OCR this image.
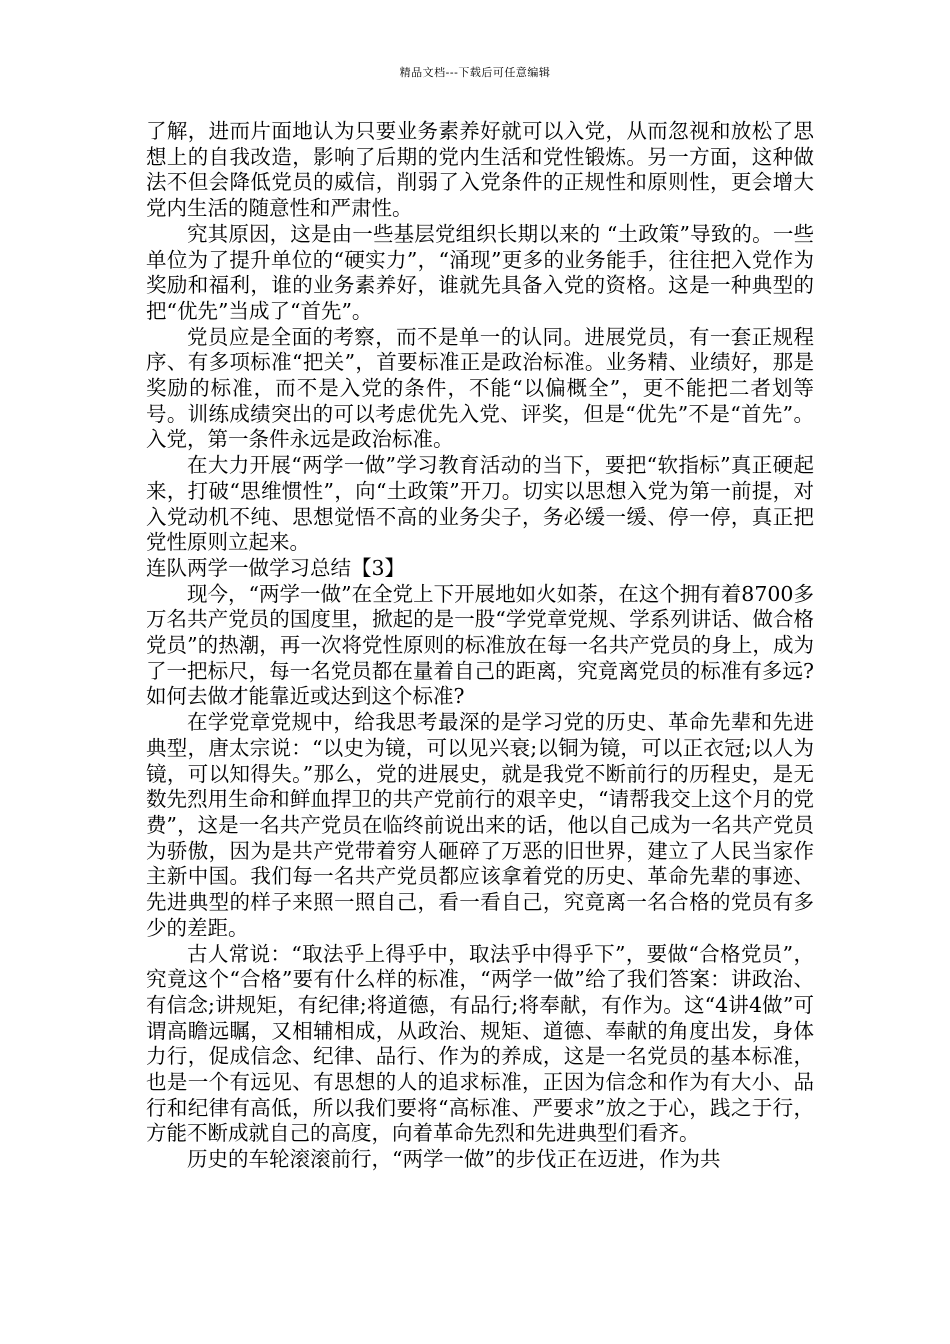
精品文档---下载后可任意编辑

了解，进而片面地认为只要业务素养好就可以入党，从而忽视和放松了思想上的自我改造，影响了后期的党内生活和党性锻炼。另一方面，这种做法不但会降低党员的威信，削弱了入党条件的正规性和原则性，更会增大党内生活的随意性和严肃性。

究其原因，这是由一些基层党组织长期以来的 “土政策”导致的。一些单位为了提升单位的“硬实力”，“涌现”更多的业务能手，往往把入党作为奖励和福利，谁的业务素养好，谁就先具备入党的资格。这是一种典型的把“优先”当成了“首先”。

党员应是全面的考察，而不是单一的认同。进展党员，有一套正规程序、有多项标准“把关”，首要标准正是政治标准。业务精、业绩好，那是奖励的标准，而不是入党的条件，不能“以偏概全”，更不能把二者划等号。训练成绩突出的可以考虑优先入党、评奖，但是“优先”不是“首先”。入党，第一条件永远是政治标准。

在大力开展“两学一做”学习教育活动的当下，要把“软指标”真正硬起来，打破“思维惯性”，向“土政策”开刀。切实以思想入党为第一前提，对入党动机不纯、思想觉悟不高的业务尖子，务必缓一缓、停一停，真正把党性原则立起来。

连队两学一做学习总结【3】

现今，“两学一做”在全党上下开展地如火如荼，在这个拥有着8700多万名共产党员的国度里，掀起的是一股“学党章党规、学系列讲话、做合格党员”的热潮，再一次将党性原则的标准放在每一名共产党员的身上，成为了一把标尺，每一名党员都在量着自己的距离，究竟离党员的标准有多远?如何去做才能靠近或达到这个标准?

在学党章党规中，给我思考最深的是学习党的历史、革命先辈和先进典型，唐太宗说：“以史为镜，可以见兴衰;以铜为镜，可以正衣冠;以人为镜，可以知得失。”那么，党的进展史，就是我党不断前行的历程史，是无数先烈用生命和鲜血捍卫的共产党前行的艰辛史，“请帮我交上这个月的党费”，这是一名共产党员在临终前说出来的话，他以自己成为一名共产党员为骄傲，因为是共产党带着穷人砸碎了万恶的旧世界，建立了人民当家作主新中国。我们每一名共产党员都应该拿着党的历史、革命先辈的事迹、先进典型的样子来照一照自己，看一看自己，究竟离一名合格的党员有多少的差距。

古人常说：“取法乎上得乎中，取法乎中得乎下”，要做“合格党员”，究竟这个“合格”要有什么样的标准，“两学一做”给了我们答案：讲政治、有信念;讲规矩，有纪律;将道德，有品行;将奉献，有作为。这“4讲4做”可谓高瞻远瞩，又相辅相成，从政治、规矩、道德、奉献的角度出发，身体力行，促成信念、纪律、品行、作为的养成，这是一名党员的基本标准，也是一个有远见、有思想的人的追求标准，正因为信念和作为有大小、品行和纪律有高低，所以我们要将“高标准、严要求”放之于心，践之于行，方能不断成就自己的高度，向着革命先烈和先进典型们看齐。

历史的车轮滚滚前行，“两学一做”的步伐正在迈进，作为共
